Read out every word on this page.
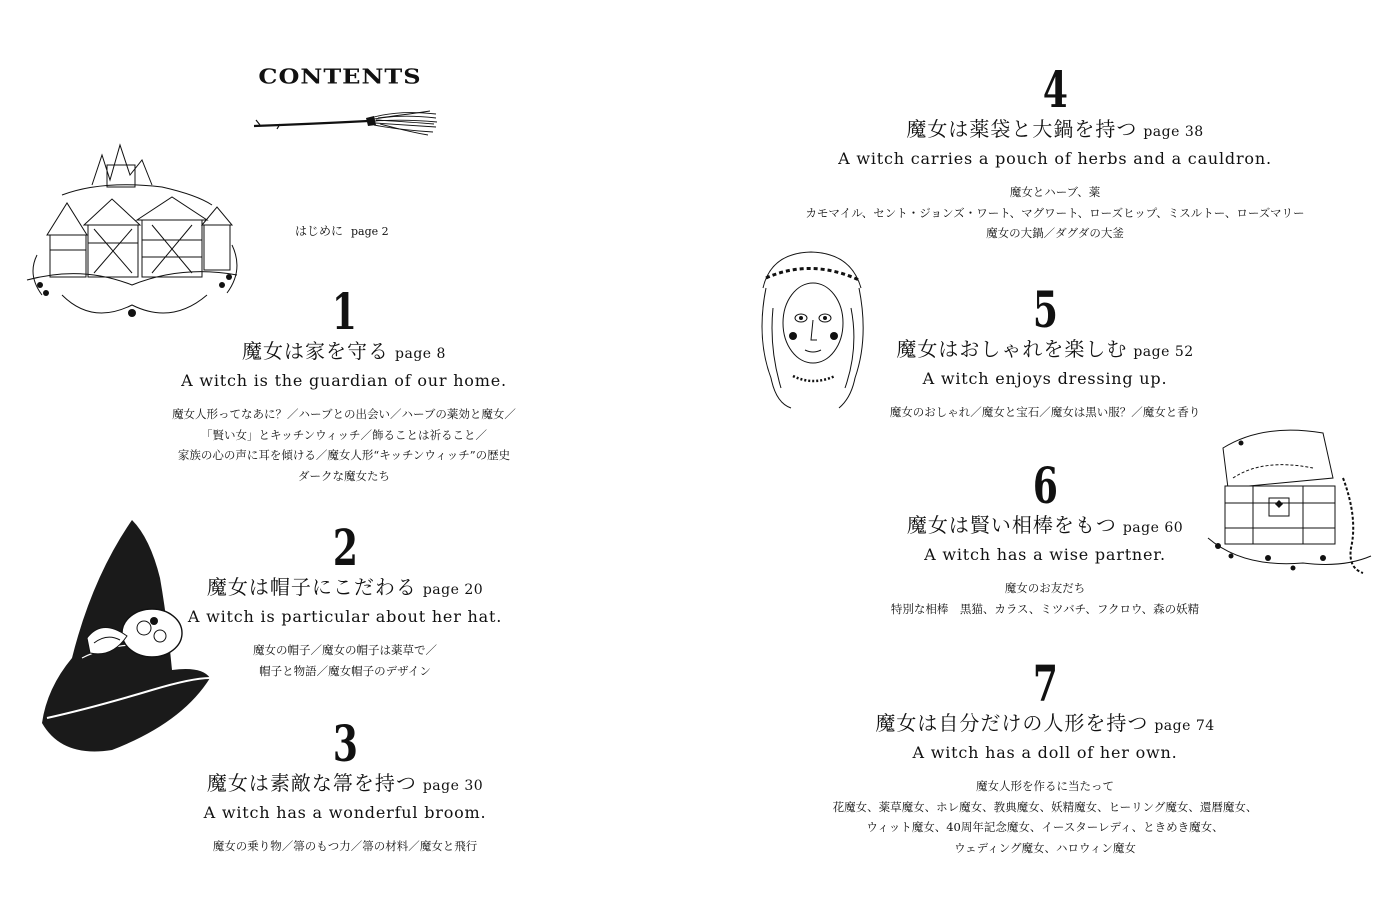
CONTENTS
はじめに page 2
1
魔女は家を守る page 8
A witch is the guardian of our home.
魔女人形ってなあに？／ハーブとの出会い／ハーブの薬効と魔女／
「賢い女」とキッチンウィッチ／飾ることは祈ること／
家族の心の声に耳を傾ける／魔女人形“キッチンウィッチ”の歴史
ダークな魔女たち
2
魔女は帽子にこだわる page 20
A witch is particular about her hat.
魔女の帽子／魔女の帽子は薬草で／
帽子と物語／魔女帽子のデザイン
3
魔女は素敵な箒を持つ page 30
A witch has a wonderful broom.
魔女の乗り物／箒のもつ力／箒の材料／魔女と飛行
4
魔女は薬袋と大鍋を持つ page 38
A witch carries a pouch of herbs and a cauldron.
魔女とハーブ、薬
カモマイル、セント・ジョンズ・ワート、マグワート、ローズヒップ、ミスルトー、ローズマリー
魔女の大鍋／ダグダの大釜
5
魔女はおしゃれを楽しむ page 52
A witch enjoys dressing up.
魔女のおしゃれ／魔女と宝石／魔女は黒い服？／魔女と香り
6
魔女は賢い相棒をもつ page 60
A witch has a wise partner.
魔女のお友だち
特別な相棒　黒猫、カラス、ミツバチ、フクロウ、森の妖精
7
魔女は自分だけの人形を持つ page 74
A witch has a doll of her own.
魔女人形を作るに当たって
花魔女、薬草魔女、ホレ魔女、教典魔女、妖精魔女、ヒーリング魔女、還暦魔女、
ウィット魔女、40周年記念魔女、イースターレディ、ときめき魔女、
ウェディング魔女、ハロウィン魔女
